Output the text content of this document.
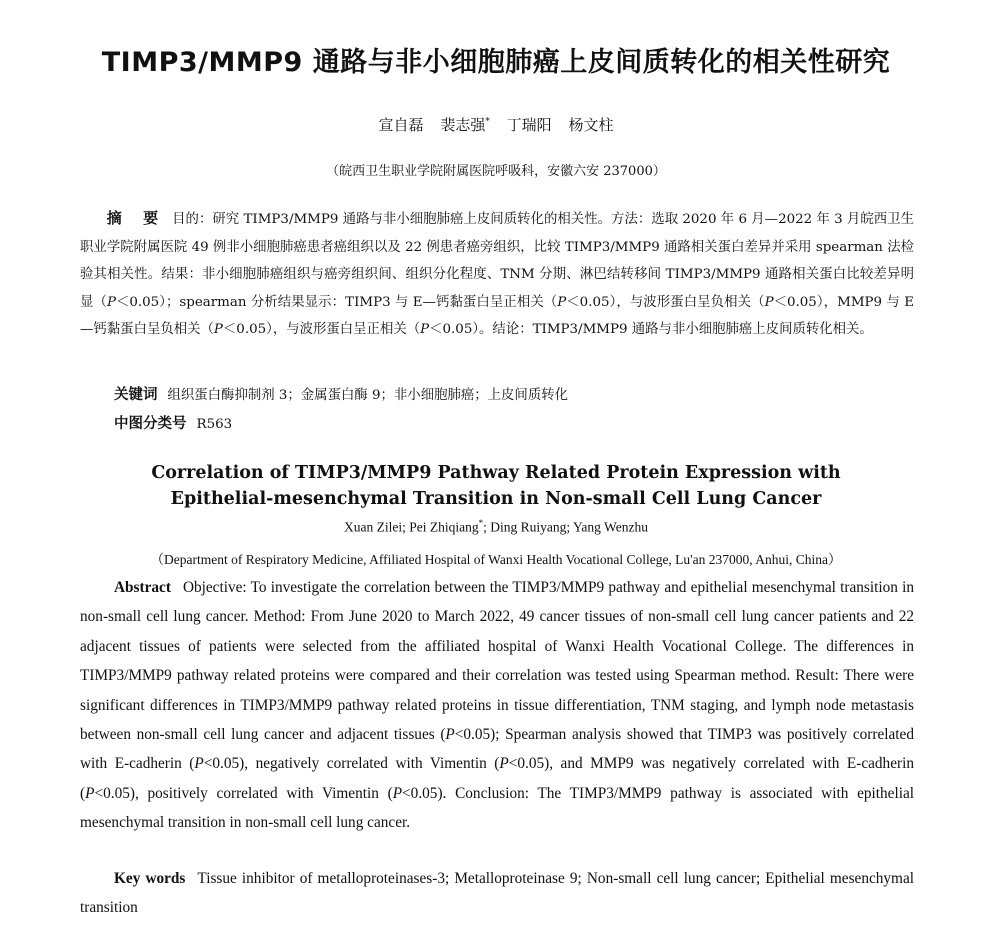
TIMP3/MMP9 通路与非小细胞肺癌上皮间质转化的相关性研究
宣自磊 裴志强* 丁瑞阳 杨文柱
（皖西卫生职业学院附属医院呼吸科，安徽六安 237000）
摘 要 目的：研究 TIMP3/MMP9 通路与非小细胞肺癌上皮间质转化的相关性。方法：选取 2020 年 6 月—2022 年 3 月皖西卫生职业学院附属医院 49 例非小细胞肺癌患者癌组织以及 22 例患者癌旁组织，比较 TIMP3/MMP9 通路相关蛋白差异并采用 spearman 法检验其相关性。结果：非小细胞肺癌组织与癌旁组织间、组织分化程度、TNM 分期、淋巴结转移间 TIMP3/MMP9 通路相关蛋白比较差异明显（P＜0.05）；spearman 分析结果显示：TIMP3 与 E—钙黏蛋白呈正相关（P＜0.05），与波形蛋白呈负相关（P＜0.05），MMP9 与 E—钙黏蛋白呈负相关（P＜0.05），与波形蛋白呈正相关（P＜0.05）。结论：TIMP3/MMP9 通路与非小细胞肺癌上皮间质转化相关。
关键词 组织蛋白酶抑制剂 3；金属蛋白酶 9；非小细胞肺癌；上皮间质转化
中图分类号 R563
Correlation of TIMP3/MMP9 Pathway Related Protein Expression with
Epithelial-mesenchymal Transition in Non-small Cell Lung Cancer
Xuan Zilei; Pei Zhiqiang*; Ding Ruiyang; Yang Wenzhu
（Department of Respiratory Medicine, Affiliated Hospital of Wanxi Health Vocational College, Lu'an 237000, Anhui, China）
Abstract Objective: To investigate the correlation between the TIMP3/MMP9 pathway and epithelial mesenchymal transition in non-small cell lung cancer. Method: From June 2020 to March 2022, 49 cancer tissues of non-small cell lung cancer patients and 22 adjacent tissues of patients were selected from the affiliated hospital of Wanxi Health Vocational College. The differences in TIMP3/MMP9 pathway related proteins were compared and their correlation was tested using Spearman method. Result: There were significant differences in TIMP3/MMP9 pathway related proteins in tissue differentiation, TNM staging, and lymph node metastasis between non-small cell lung cancer and adjacent tissues (P<0.05); Spearman analysis showed that TIMP3 was positively correlated with E-cadherin (P<0.05), negatively correlated with Vimentin (P<0.05), and MMP9 was negatively correlated with E-cadherin (P<0.05), positively correlated with Vimentin (P<0.05). Conclusion: The TIMP3/MMP9 pathway is associated with epithelial mesenchymal transition in non-small cell lung cancer.
Key words Tissue inhibitor of metalloproteinases-3; Metalloproteinase 9; Non-small cell lung cancer; Epithelial mesenchymal transition
